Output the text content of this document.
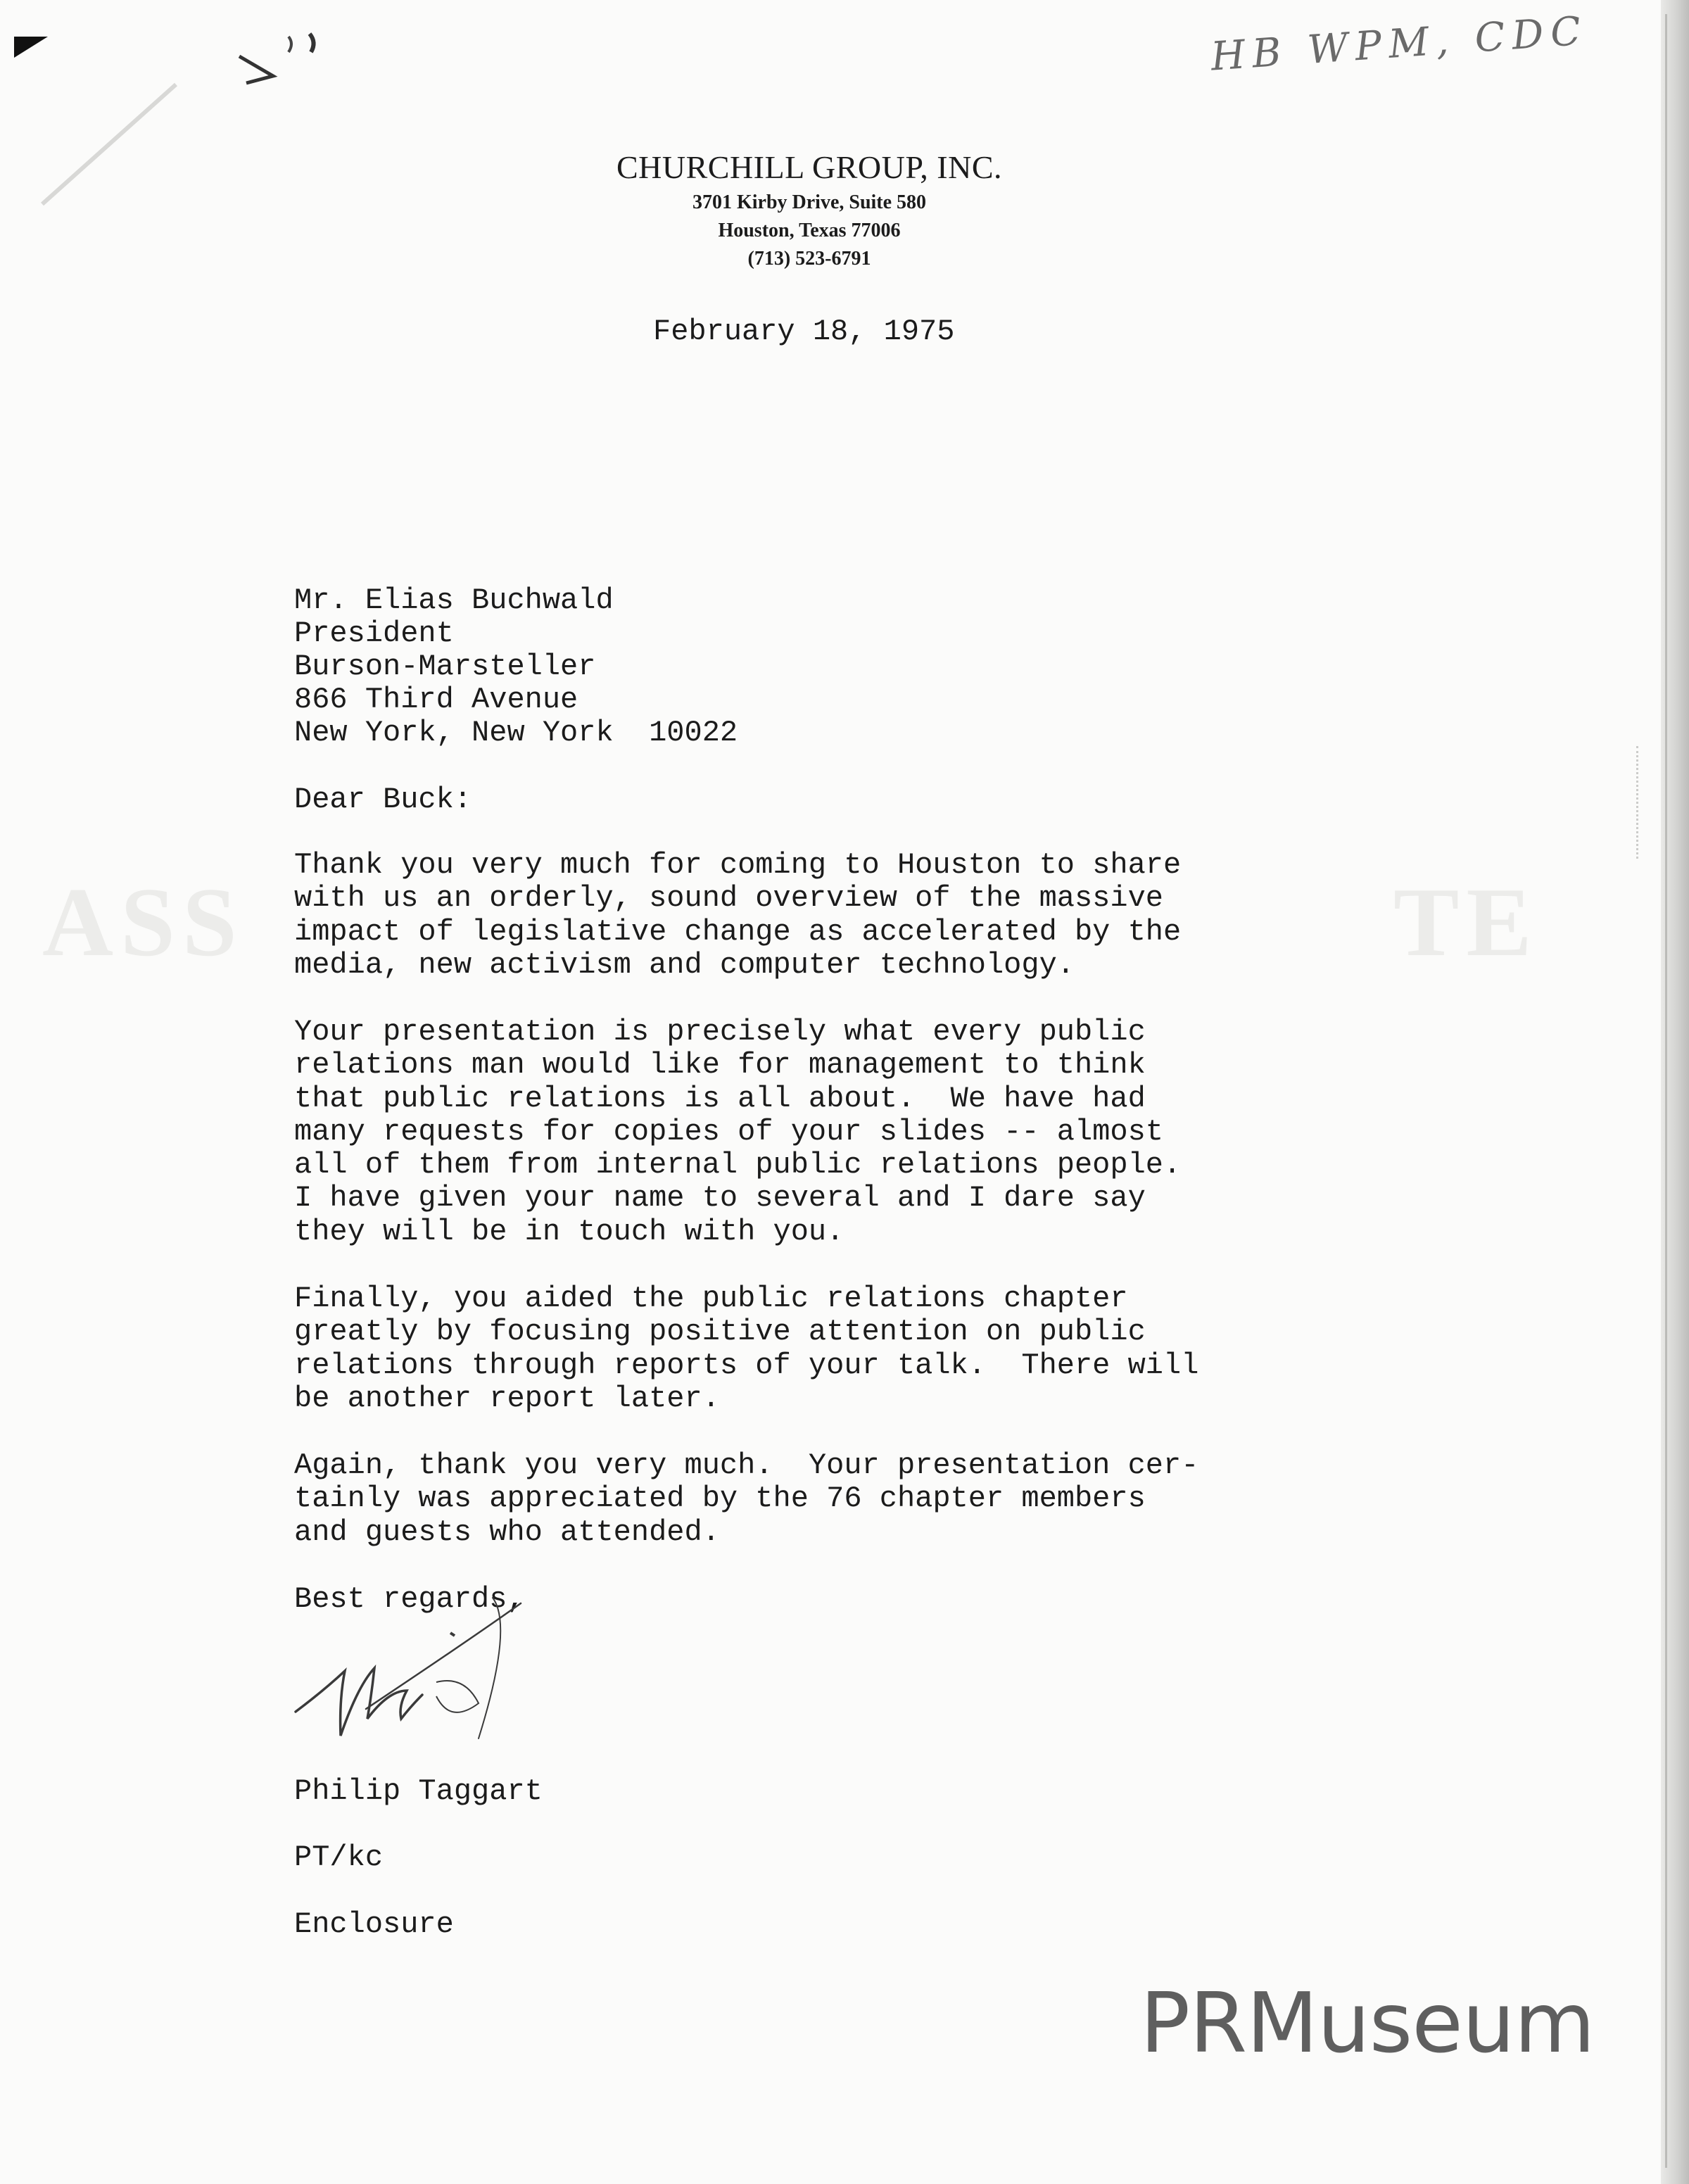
ASS	TE
HB WPM, CDC
CHURCHILL GROUP, INC.
3701 Kirby Drive, Suite 580
Houston, Texas 77006
(713) 523-6791
February 18, 1975
Mr. Elias Buchwald
President
Burson-Marsteller
866 Third Avenue
New York, New York  10022
Dear Buck:
Thank you very much for coming to Houston to share
with us an orderly, sound overview of the massive
impact of legislative change as accelerated by the
media, new activism and computer technology.
Your presentation is precisely what every public
relations man would like for management to think
that public relations is all about.  We have had
many requests for copies of your slides -- almost
all of them from internal public relations people.
I have given your name to several and I dare say
they will be in touch with you.
Finally, you aided the public relations chapter
greatly by focusing positive attention on public
relations through reports of your talk.  There will
be another report later.
Again, thank you very much.  Your presentation cer-
tainly was appreciated by the 76 chapter members
and guests who attended.
Best regards,
Philip Taggart
PT/kc
Enclosure
PRMuseum
